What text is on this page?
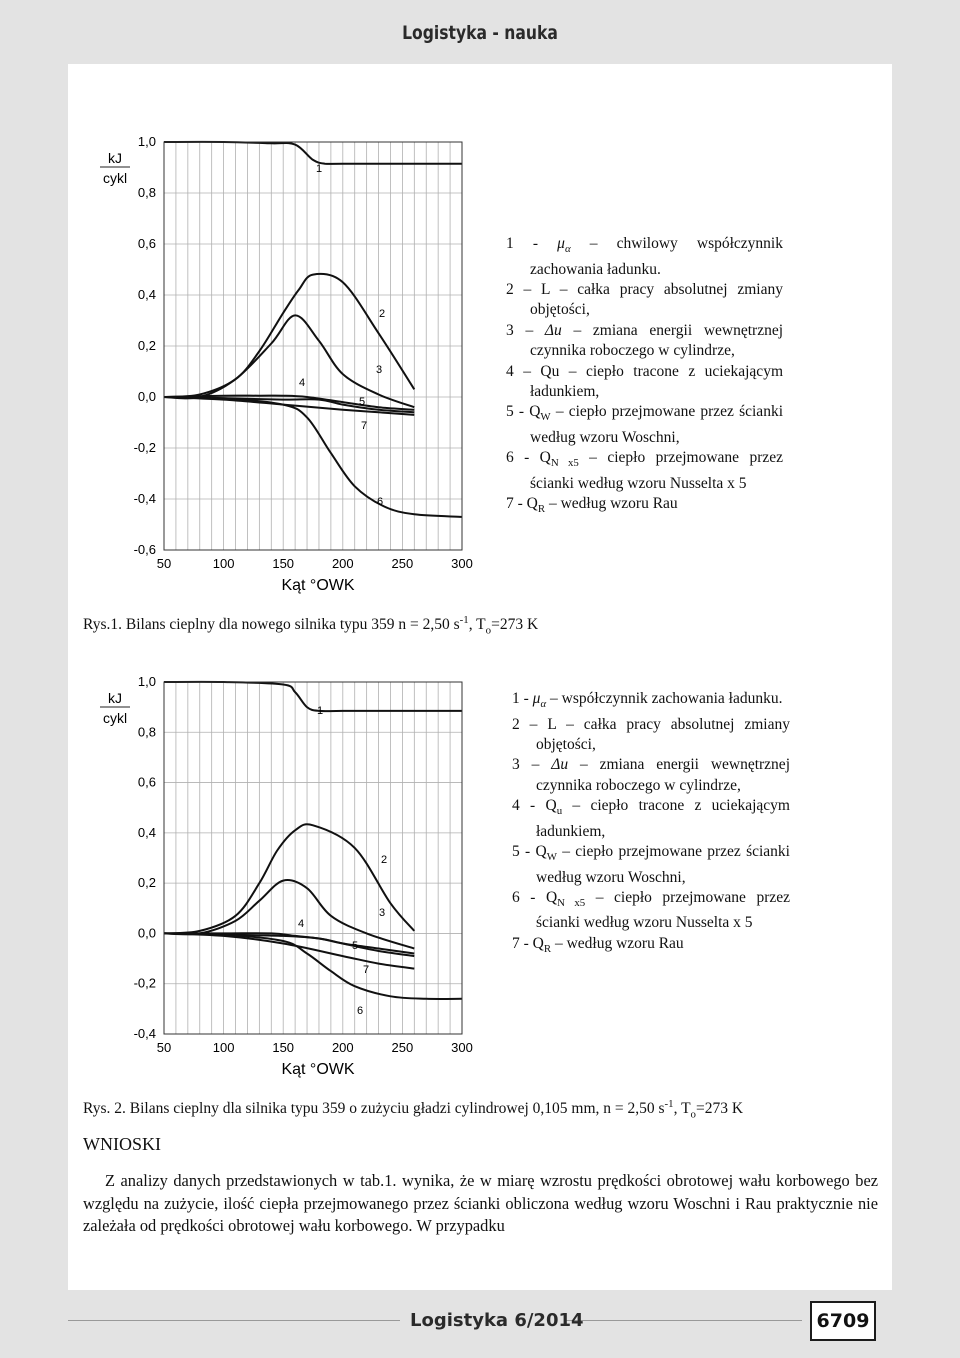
Logistyka - nauka
1,0
0,8
0,6
0,4
0,2
0,0
-0,2
-0,4
-0,6
50	100	150	200	250	300
Kąt °OWK
kJ
cykl
1
2
3
4
5
6
7
$1 - \mu_\alpha$ – chwilowy współczynnik zachowania ładunku.
2 – L – całka pracy absolutnej zmiany objętości,
3 – Δu – zmiana energii wewnętrznej czynnika roboczego w cylindrze,
4 – Qu – ciepło tracone z uciekającym ładunkiem,
$5 - Q_W$ – ciepło przejmowane przez ścianki według wzoru Woschni,
$6 - Q_{N x5}$ – ciepło przejmowane przez ścianki według wzoru Nusselta x 5
$7 - Q_R$ – według wzoru Rau
Rys.1. Bilans cieplny dla nowego silnika typu 359 n = 2,50 $s^{-1}$, $T_o=273$ K
1,0
0,8
0,6
0,4
0,2
0,0
-0,2
-0,4
50	100	150	200	250	300
Kąt °OWK
kJ
cykl	1
2
3
4
5
6
7
$1 - \mu_\alpha$ – współczynnik zachowania ładunku.
2 – L – całka pracy absolutnej zmiany objętości,
3 – Δu – zmiana energii wewnętrznej czynnika roboczego w cylindrze,
$4 - Q_u$ – ciepło tracone z uciekającym ładunkiem,
$5 - Q_W$ – ciepło przejmowane przez ścianki według wzoru Woschni,
$6 - Q_{N x5}$ – ciepło przejmowane przez ścianki według wzoru Nusselta x 5
$7 - Q_R$ – według wzoru Rau
Rys. 2. Bilans cieplny dla silnika typu 359 o zużyciu gładzi cylindrowej 0,105 mm, n = 2,50 $s^{-1}$, $T_o=273$ K
WNIOSKI
Z analizy danych przedstawionych w tab.1. wynika, że w miarę wzrostu prędkości obrotowej wału korbowego bez względu na zużycie, ilość ciepła przejmowanego przez ścianki obliczona według wzoru Woschni i Rau praktycznie nie zależała od prędkości obrotowej wału korbowego. W przypadku
Logistyka 6/2014	6709
